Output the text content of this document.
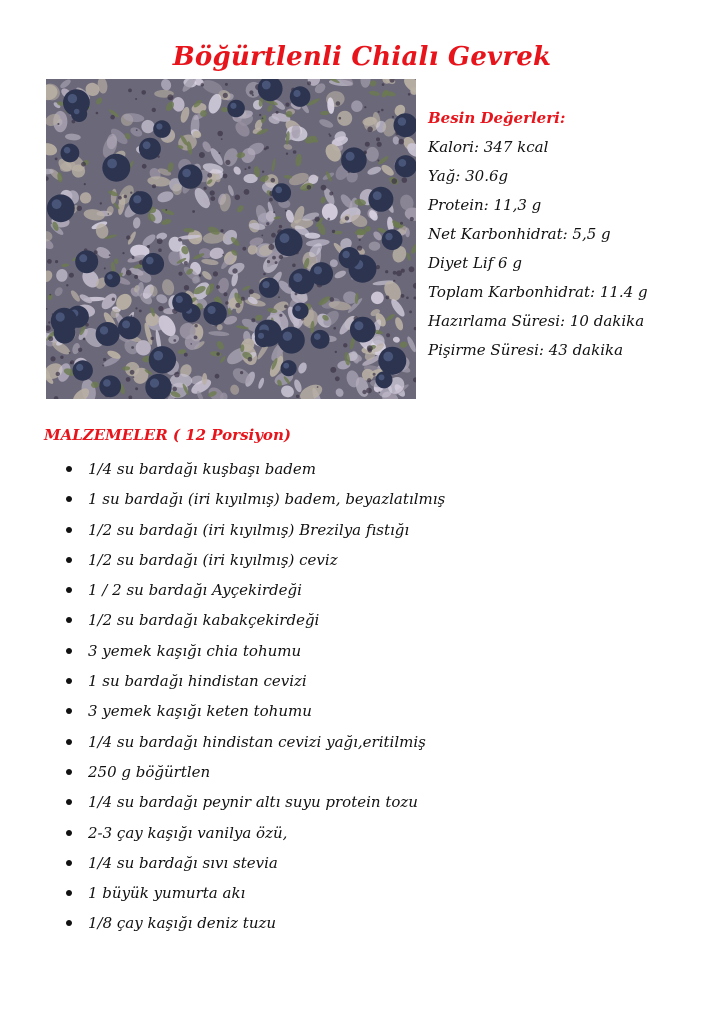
Böğürtlenli Chialı Gevrek
Besin Değerleri:
Kalori: 347 kcal
Yağ: 30.6g
Protein: 11,3 g
Net Karbonhidrat: 5,5 g
Diyet Lif 6 g
Toplam Karbonhidrat: 11.4 g
Hazırlama Süresi: 10 dakika
Pişirme Süresi: 43 dakika
MALZEMELER ( 12 Porsiyon)
1/4 su bardağı kuşbaşı badem
1 su bardağı (iri kıyılmış) badem, beyazlatılmış
1/2 su bardağı (iri kıyılmış) Brezilya fıstığı
1/2 su bardağı (iri kıyılmış) ceviz
1 / 2 su bardağı Ayçekirdeği
1/2 su bardağı kabakçekirdeği
3 yemek kaşığı chia tohumu
1 su bardağı hindistan cevizi
3 yemek kaşığı keten tohumu
1/4 su bardağı hindistan cevizi yağı,eritilmiş
250 g böğürtlen
1/4 su bardağı peynir altı suyu protein tozu
2-3 çay kaşığı vanilya özü,
1/4 su bardağı sıvı stevia
1 büyük yumurta akı
1/8 çay kaşığı deniz tuzu
